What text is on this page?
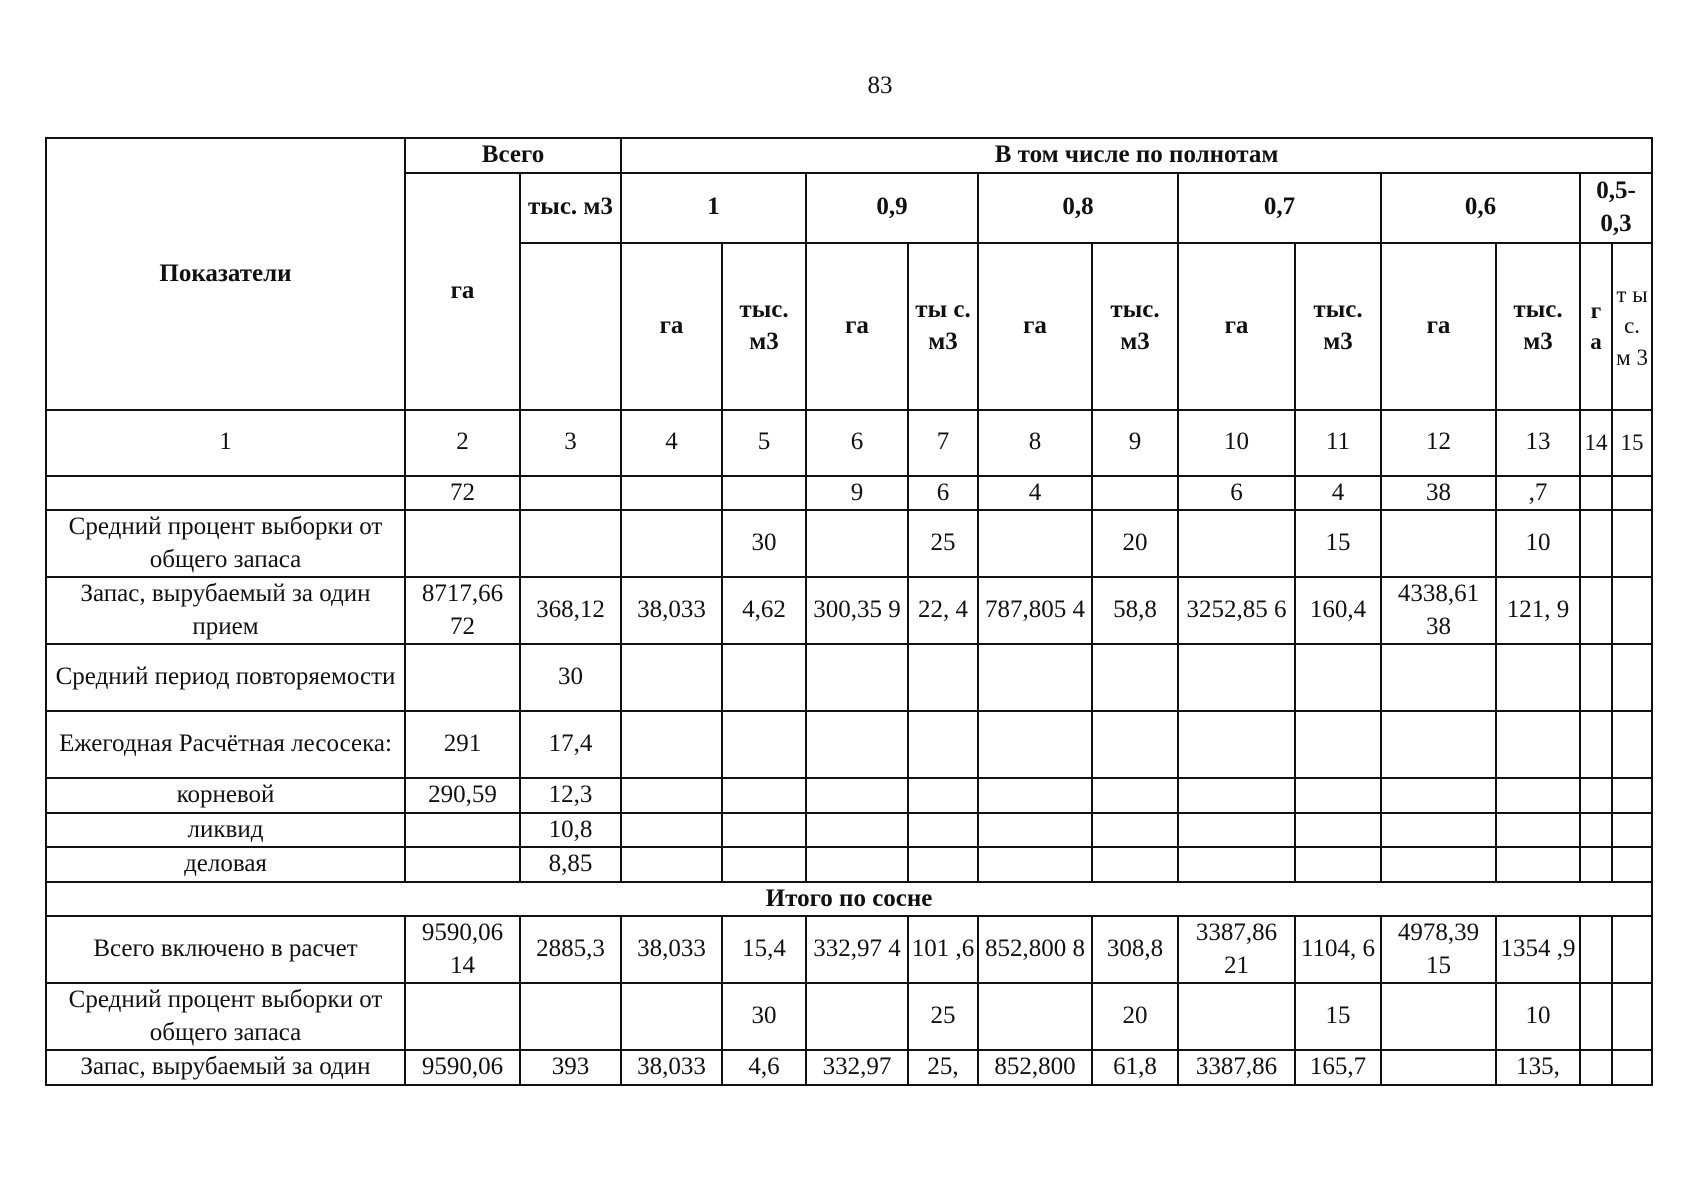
83
Показатели	Всего		В том числе по полнотам											
	га	тыс. м3	1		0,9		0,8		0,7		0,6		0,5-0,3	
			га	тыс. м3	га	ты с. м3	га	тыс. м3	га	тыс. м3	га	тыс. м3	г а	т ы с. м 3
1	2	3	4	5	6	7	8	9	10	11	12	13	14	15
	72				9	6	4		6	4	38	,7		
Средний процент выборки от общего запаса				30		25		20		15		10		
Запас, вырубаемый за один прием	8717,66 72	368,12	38,033	4,62	300,35 9	22, 4	787,805 4	58,8	3252,85 6	160,4	4338,61 38	121, 9		
Средний период повторяемости		30												
Ежегодная Расчётная лесосека:	291	17,4												
корневой	290,59	12,3												
ликвид		10,8												
деловая		8,85												
Итого по сосне														
Всего включено в расчет	9590,06 14	2885,3	38,033	15,4	332,97 4	101 ,6	852,800 8	308,8	3387,86 21	1104, 6	4978,39 15	1354 ,9		
Средний процент выборки от общего запаса				30		25		20		15		10		
Запас, вырубаемый за один	9590,06	393	38,033	4,6	332,97	25,	852,800	61,8	3387,86	165,7		135,		
